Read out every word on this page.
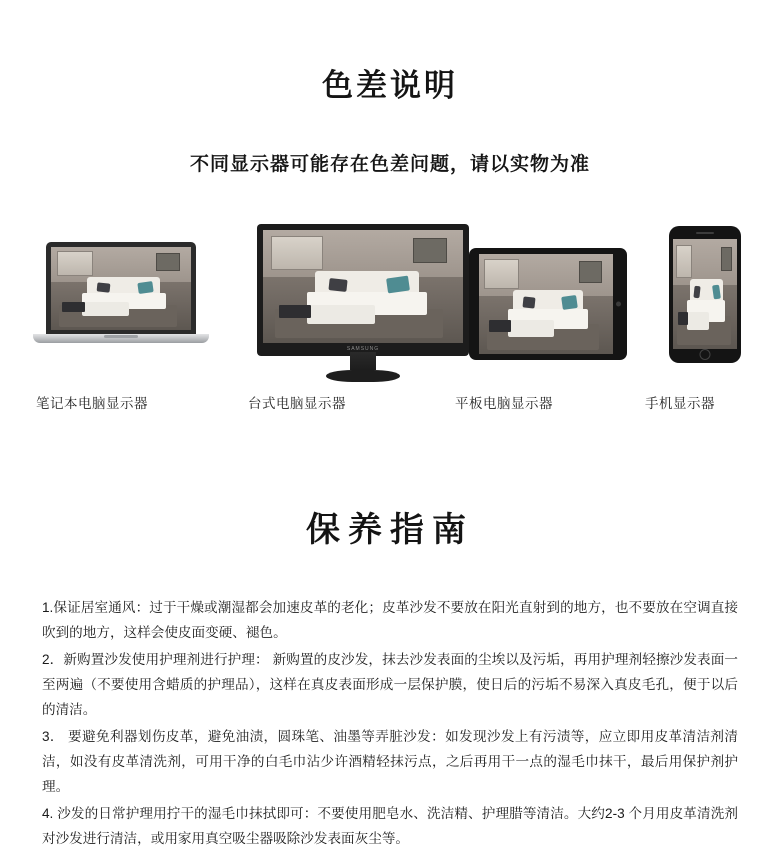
色差说明

不同显示器可能存在色差问题，请以实物为准

SAMSUNG
笔记本电脑显示器	台式电脑显示器	平板电脑显示器	手机显示器
保养指南
1.保证居室通风：过于干燥或潮湿都会加速皮革的老化；皮革沙发不要放在阳光直射到的地方，也不要放在空调直接吹到的地方，这样会使皮面变硬、褪色。
2．新购置沙发使用护理剂进行护理： 新购置的皮沙发，抹去沙发表面的尘埃以及污垢，再用护理剂轻擦沙发表面一至两遍（不要使用含蜡质的护理品），这样在真皮表面形成一层保护膜，使日后的污垢不易深入真皮毛孔，便于以后的清洁。
3． 要避免利器划伤皮革，避免油渍，圆珠笔、油墨等弄脏沙发：如发现沙发上有污渍等，应立即用皮革清洁剂清洁，如没有皮革清洗剂，可用干净的白毛巾沾少许酒精轻抹污点，之后再用干一点的湿毛巾抹干，最后用保护剂护理。
4. 沙发的日常护理用拧干的湿毛巾抹拭即可：不要使用肥皂水、洗洁精、护理腊等清洁。大约2-3 个月用皮革清洗剂对沙发进行清洁，或用家用真空吸尘器吸除沙发表面灰尘等。
